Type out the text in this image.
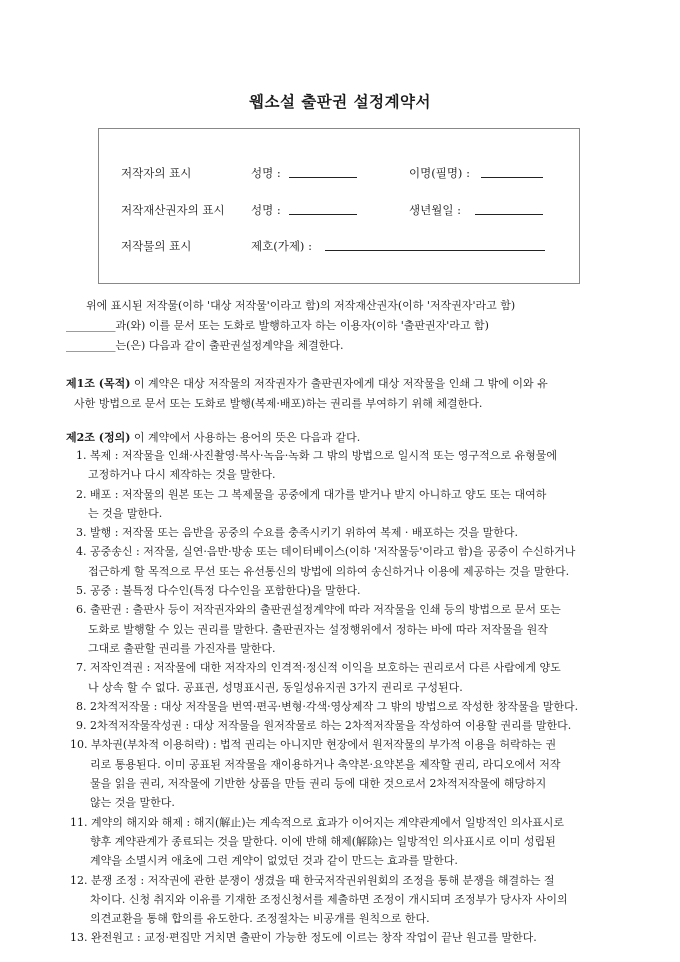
웹소설 출판권 설정계약서
저작자의 표시	성명 :	이명(필명) :
저작재산권자의 표시 성명 :	생년월일 :
저작물의 표시	제호(가제) :

위에 표시된 저작물(이하 '대상 저작물'이라고 함)의 저작재산권자(이하 '저작권자'라고 함)

_________과(와) 이를 문서 또는 도화로 발행하고자 하는 이용자(이하 '출판권자'라고 함)

_________는(은) 다음과 같이 출판권설정계약을 체결한다.

제1조 (목적) 이 계약은 대상 저작물의 저작권자가 출판권자에게 대상 저작물을 인쇄 그 밖에 이와 유

사한 방법으로 문서 또는 도화로 발행(복제·배포)하는 권리를 부여하기 위해 체결한다.

제2조 (정의) 이 계약에서 사용하는 용어의 뜻은 다음과 같다.

1. 복제 : 저작물을 인쇄·사진촬영·복사·녹음·녹화 그 밖의 방법으로 일시적 또는 영구적으로 유형물에
고정하거나 다시 제작하는 것을 말한다.
2. 배포 : 저작물의 원본 또는 그 복제물을 공중에게 대가를 받거나 받지 아니하고 양도 또는 대여하
는 것을 말한다.
3. 발행 : 저작물 또는 음반을 공중의 수요를 충족시키기 위하여 복제 · 배포하는 것을 말한다.
4. 공중송신 : 저작물, 실연·음반·방송 또는 데이터베이스(이하 '저작물등'이라고 함)을 공중이 수신하거나
접근하게 할 목적으로 무선 또는 유선통신의 방법에 의하여 송신하거나 이용에 제공하는 것을 말한다.
5. 공중 : 불특정 다수인(특정 다수인을 포함한다)을 말한다.
6. 출판권 : 출판사 등이 저작권자와의 출판권설정계약에 따라 저작물을 인쇄 등의 방법으로 문서 또는
도화로 발행할 수 있는 권리를 말한다. 출판권자는 설정행위에서 정하는 바에 따라 저작물을 원작
그대로 출판할 권리를 가진자를 말한다.
7. 저작인격권 : 저작물에 대한 저작자의 인격적·정신적 이익을 보호하는 권리로서 다른 사람에게 양도
나 상속 할 수 없다. 공표권, 성명표시권, 동일성유지권 3가지 권리로 구성된다.
8. 2차적저작물 : 대상 저작물을 번역·편곡·변형·각색·영상제작 그 밖의 방법으로 작성한 창작물을 말한다.
9. 2차적저작물작성권 : 대상 저작물을 원저작물로 하는 2차적저작물을 작성하여 이용할 권리를 말한다.
10. 부차권(부차적 이용허락) : 법적 권리는 아니지만 현장에서 원저작물의 부가적 이용을 허락하는 권
리로 통용된다. 이미 공표된 저작물을 재이용하거나 축약본·요약본을 제작할 권리, 라디오에서 저작
물을 읽을 권리, 저작물에 기반한 상품을 만들 권리 등에 대한 것으로서 2차적저작물에 해당하지
않는 것을 말한다.
11. 계약의 해지와 해제 : 해지(解止)는 계속적으로 효과가 이어지는 계약관계에서 일방적인 의사표시로
향후 계약관계가 종료되는 것을 말한다. 이에 반해 해제(解除)는 일방적인 의사표시로 이미 성립된
계약을 소멸시켜 애초에 그런 계약이 없었던 것과 같이 만드는 효과를 말한다.
12. 분쟁 조정 : 저작권에 관한 분쟁이 생겼을 때 한국저작권위원회의 조정을 통해 분쟁을 해결하는 절
차이다. 신청 취지와 이유를 기재한 조정신청서를 제출하면 조정이 개시되며 조정부가 당사자 사이의
의견교환을 통해 합의를 유도한다. 조정절차는 비공개를 원칙으로 한다.
13. 완전원고 : 교정·편집만 거치면 출판이 가능한 정도에 이르는 창작 작업이 끝난 원고를 말한다.
